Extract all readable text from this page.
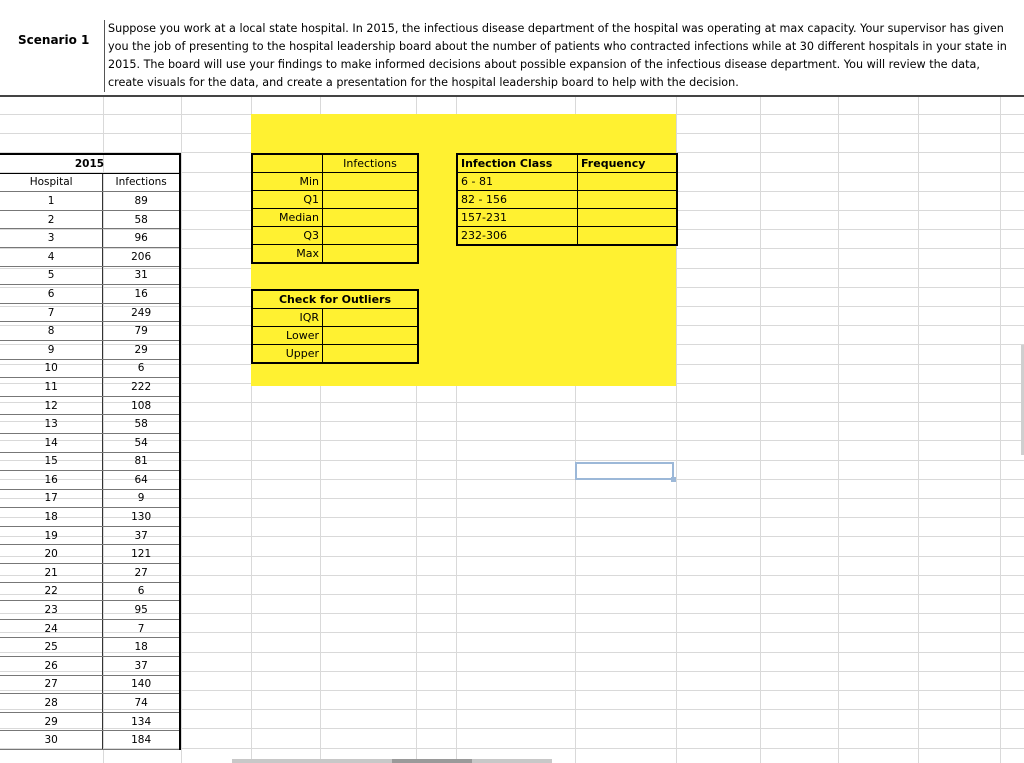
Scenario 1
Suppose you work at a local state hospital. In 2015, the infectious disease department of the hospital was operating at max capacity. Your supervisor has given you the job of presenting to the hospital leadership board about the number of patients who contracted infections while at 30 different hospitals in your state in 2015. The board will use your findings to make informed decisions about possible expansion of the infectious disease department. You will review the data, create visuals for the data, and create a presentation for the hospital leadership board to help with the decision.
2015	
Hospital	Infections
1	89
2	58
3	96
4	206
5	31
6	16
7	249
8	79
9	29
10	6
11	222
12	108
13	58
14	54
15	81
16	64
17	9
18	130
19	37
20	121
21	27
22	6
23	95
24	7
25	18
26	37
27	140
28	74
29	134
30	184
	Infections
Min	
Q1	
Median	
Q3	
Max	
Check for Outliers	
IQR	
Lower	
Upper	
Infection Class	Frequency
6 - 81	
82 - 156	
157-231	
232-306	
